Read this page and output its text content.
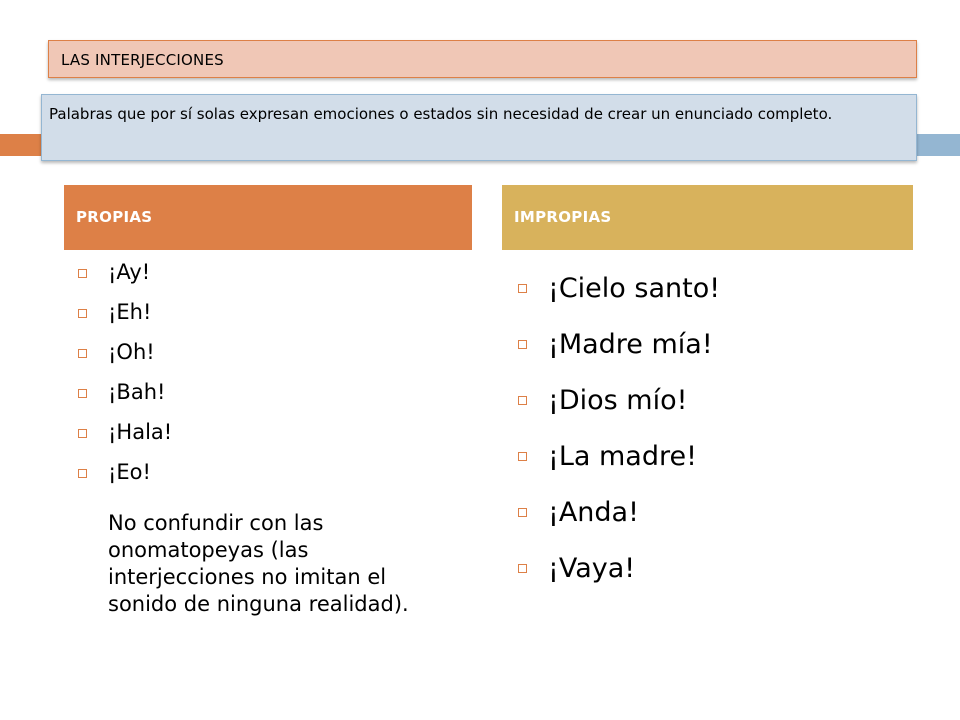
LAS INTERJECCIONES
Palabras que por sí solas expresan emociones o estados sin necesidad de crear un enunciado completo.
PROPIAS	IMPROPIAS
¡Ay!
¡Eh!
¡Oh!
¡Bah!
¡Hala!
¡Eo!
No confundir con las onomatopeyas (las interjecciones no imitan el sonido de ninguna realidad).
¡Cielo santo!
¡Madre mía!
¡Dios mío!
¡La madre!
¡Anda!
¡Vaya!
